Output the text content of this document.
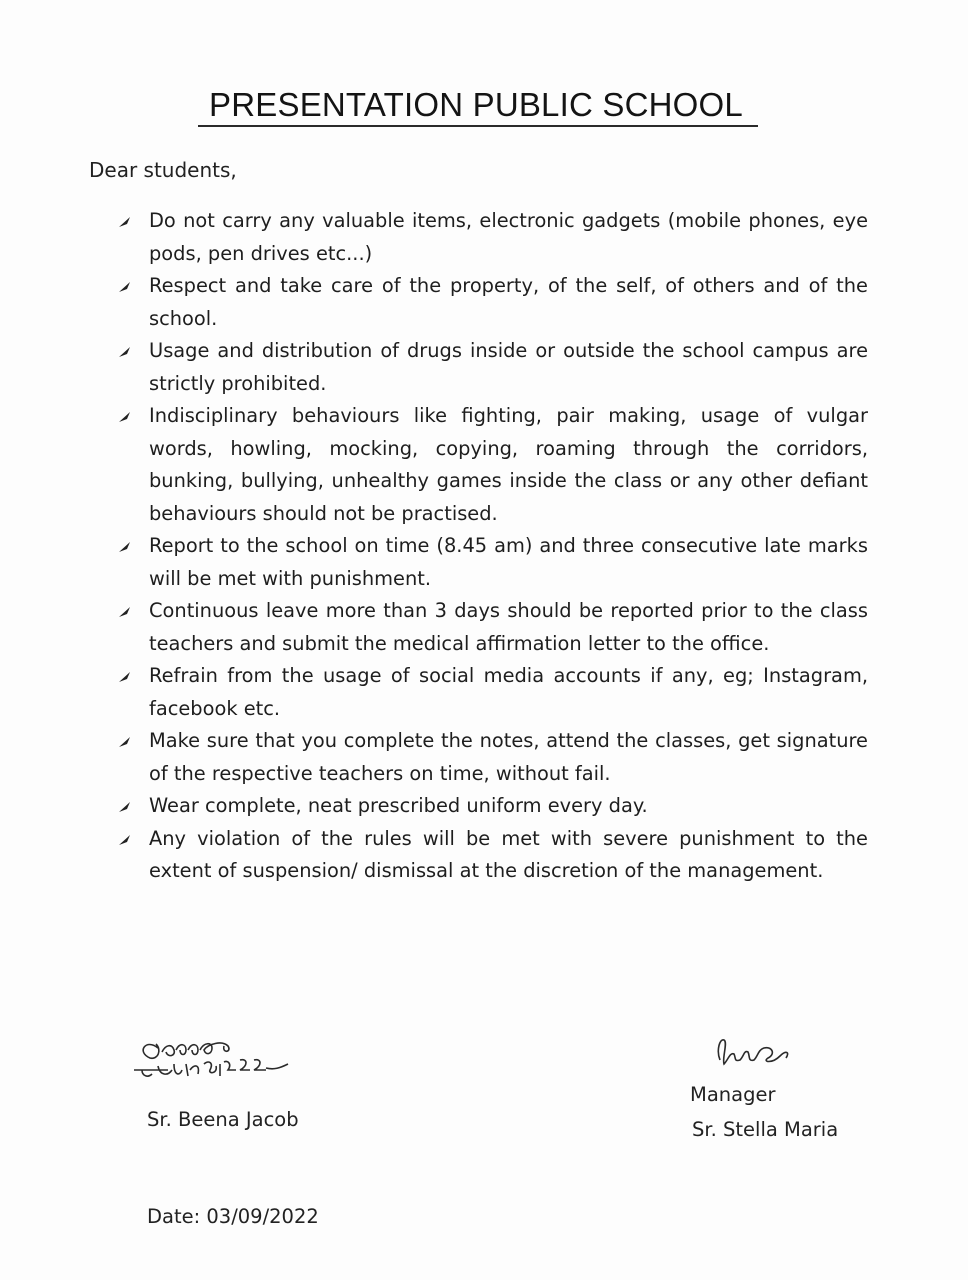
PRESENTATION PUBLIC SCHOOL
Dear students,
Do not carry any valuable items, electronic gadgets (mobile phones, eye pods, pen drives etc...)
Respect and take care of the property, of the self, of others and of the school.
Usage and distribution of drugs inside or outside the school campus are strictly prohibited.
Indisciplinary behaviours like fighting, pair making, usage of vulgar words, howling, mocking, copying, roaming through the corridors, bunking, bullying, unhealthy games inside the class or any other defiant behaviours should not be practised.
Report to the school on time (8.45 am) and three consecutive late marks will be met with punishment.
Continuous leave more than 3 days should be reported prior to the class teachers and submit the medical affirmation letter to the office.
Refrain from the usage of social media accounts if any, eg; Instagram, facebook etc.
Make sure that you complete the notes, attend the classes, get signature of the respective teachers on time, without fail.
Wear complete, neat prescribed uniform every day.
Any violation of the rules will be met with severe punishment to the extent of suspension/ dismissal at the discretion of the management.
Sr. Beena Jacob
Manager
Sr. Stella Maria
Date: 03/09/2022
